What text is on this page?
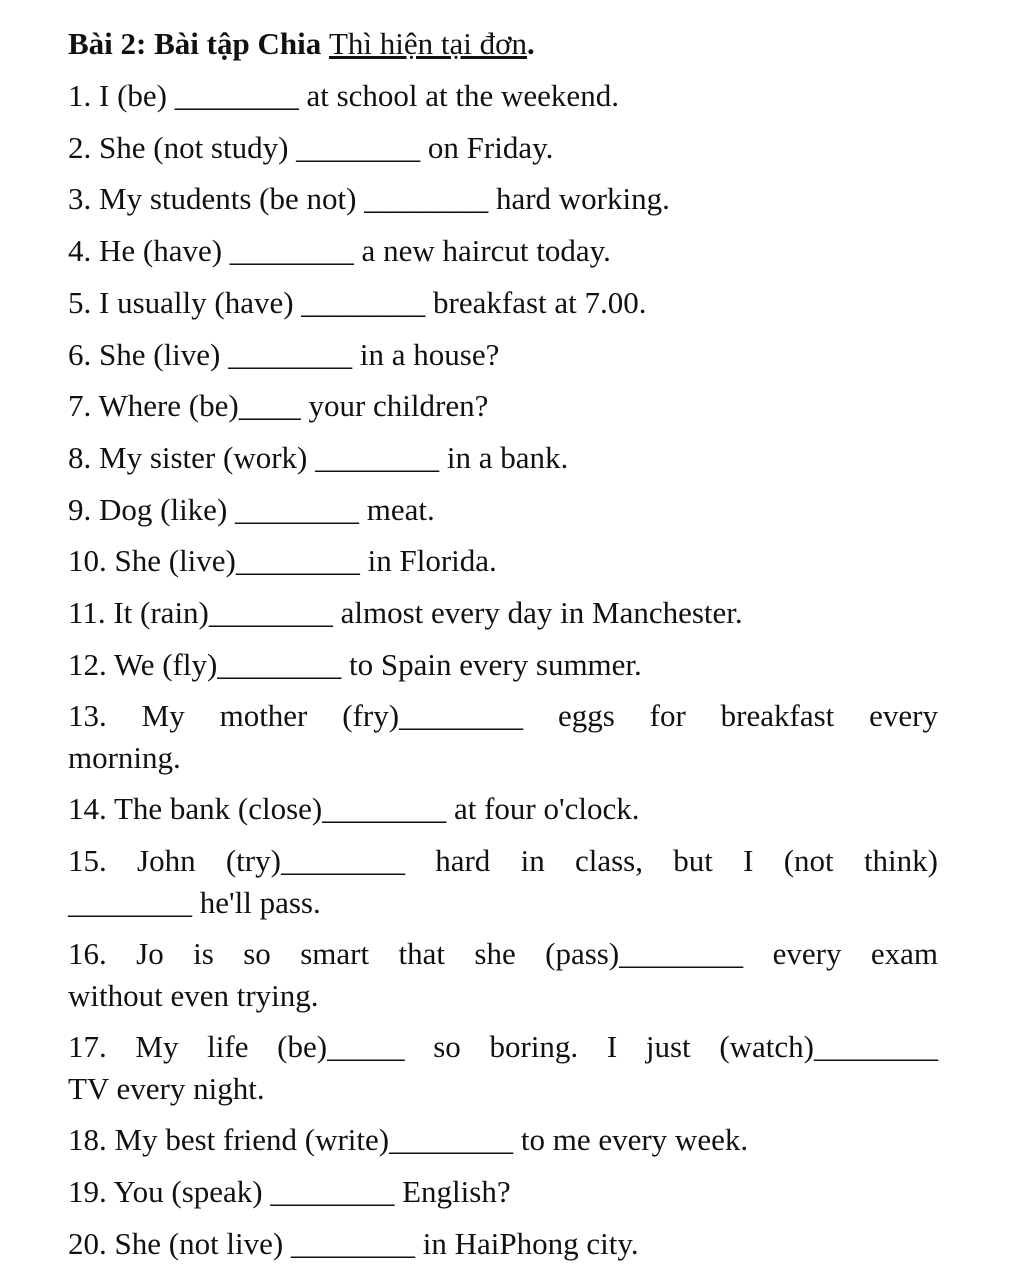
Bài 2: Bài tập Chia Thì hiện tại đơn.
1. I (be) ________ at school at the weekend.
2. She (not study) ________ on Friday.
3. My students (be not) ________ hard working.
4. He (have) ________ a new haircut today.
5. I usually (have) ________ breakfast at 7.00.
6. She (live) ________ in a house?
7. Where (be)____ your children?
8. My sister (work) ________ in a bank.
9. Dog (like) ________ meat.
10. She (live)________ in Florida.
11. It (rain)________ almost every day in Manchester.
12. We (fly)________ to Spain every summer.
13. My mother (fry)________ eggs for breakfast every
morning.
14. The bank (close)________ at four o'clock.
15. John (try)________ hard in class, but I (not think)
________ he'll pass.
16. Jo is so smart that she (pass)________ every exam
without even trying.
17. My life (be)_____ so boring. I just (watch)________
TV every night.
18. My best friend (write)________ to me every week.
19. You (speak) ________ English?
20. She (not live) ________ in HaiPhong city.
